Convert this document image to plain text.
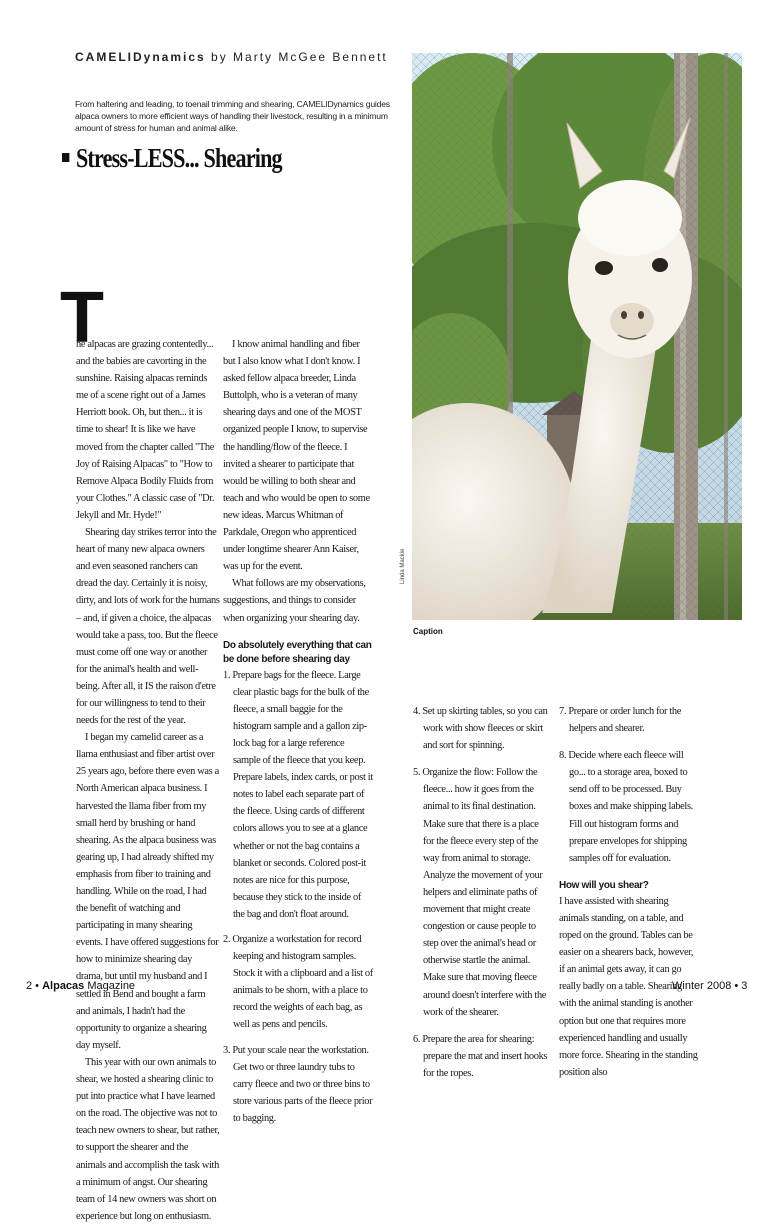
CAMELIDynamics by Marty McGee Bennett
From haltering and leading, to toenail trimming and shearing, CAMELIDynamics guides alpaca owners to more efficient ways of handling their livestock, resulting in a minimum amount of stress for human and animal alike.
Stress-LESS... Shearing
Linda Mackie
Caption
T

he alpacas are grazing contentedly... and the babies are cavorting in the sunshine. Raising alpacas reminds me of a scene right out of a James Herriott book. Oh, but then... it is time to shear! It is like we have moved from the chapter called "The Joy of Raising Alpacas" to "How to Remove Alpaca Bodily Fluids from your Clothes." A classic case of "Dr. Jekyll and Mr. Hyde!"

Shearing day strikes terror into the heart of many new alpaca owners and even seasoned ranchers can dread the day. Certainly it is noisy, dirty, and lots of work for the humans – and, if given a choice, the alpacas would take a pass, too. But the fleece must come off one way or another for the animal's health and well-being. After all, it IS the raison d'etre for our willingness to tend to their needs for the rest of the year.

I began my camelid career as a llama enthusiast and fiber artist over 25 years ago, before there even was a North American alpaca business. I harvested the llama fiber from my small herd by brushing or hand shearing. As the alpaca business was gearing up, I had already shifted my emphasis from fiber to training and handling. While on the road, I had the benefit of watching and participating in many shearing events. I have offered suggestions for how to minimize shearing day drama, but until my husband and I settled in Bend and bought a farm and animals, I hadn't had the opportunity to organize a shearing day myself.

This year with our own animals to shear, we hosted a shearing clinic to put into practice what I have learned on the road. The objective was not to teach new owners to shear, but rather, to support the shearer and the animals and accomplish the task with a minimum of angst. Our shearing team of 14 new owners was short on experience but long on enthusiasm.

I know animal handling and fiber but I also know what I don't know. I asked fellow alpaca breeder, Linda Buttolph, who is a veteran of many shearing days and one of the MOST organized people I know, to supervise the handling/flow of the fleece. I invited a shearer to participate that would be willing to both shear and teach and who would be open to some new ideas. Marcus Whitman of Parkdale, Oregon who apprenticed under longtime shearer Ann Kaiser, was up for the event.

What follows are my observations, suggestions, and things to consider when organizing your shearing day.

Do absolutely everything that can be done before shearing day

1. Prepare bags for the fleece. Large clear plastic bags for the bulk of the fleece, a small baggie for the histogram sample and a gallon zip-lock bag for a large reference sample of the fleece that you keep. Prepare labels, index cards, or post it notes to label each separate part of the fleece. Using cards of different colors allows you to see at a glance whether or not the bag contains a blanket or seconds. Colored post-it notes are nice for this purpose, because they stick to the inside of the bag and don't float around.

2. Organize a workstation for record keeping and histogram samples. Stock it with a clipboard and a list of animals to be shorn, with a place to record the weights of each bag, as well as pens and pencils.

3. Put your scale near the workstation. Get two or three laundry tubs to carry fleece and two or three bins to store various parts of the fleece prior to bagging.

4. Set up skirting tables, so you can work with show fleeces or skirt and sort for spinning.

5. Organize the flow: Follow the fleece... how it goes from the animal to its final destination. Make sure that there is a place for the fleece every step of the way from animal to storage. Analyze the movement of your helpers and eliminate paths of movement that might create congestion or cause people to step over the animal's head or otherwise startle the animal. Make sure that moving fleece around doesn't interfere with the work of the shearer.

6. Prepare the area for shearing: prepare the mat and insert hooks for the ropes.

7. Prepare or order lunch for the helpers and shearer.

8. Decide where each fleece will go... to a storage area, boxed to send off to be processed. Buy boxes and make shipping labels. Fill out histogram forms and prepare envelopes for shipping samples off for evaluation.

How will you shear?

I have assisted with shearing animals standing, on a table, and roped on the ground. Tables can be easier on a shearers back, however, if an animal gets away, it can go really badly on a table. Shearing with the animal standing is another option but one that requires more experienced handling and usually more force. Shearing in the standing position also

2 • Alpacas Magazine	Winter 2008 • 3
